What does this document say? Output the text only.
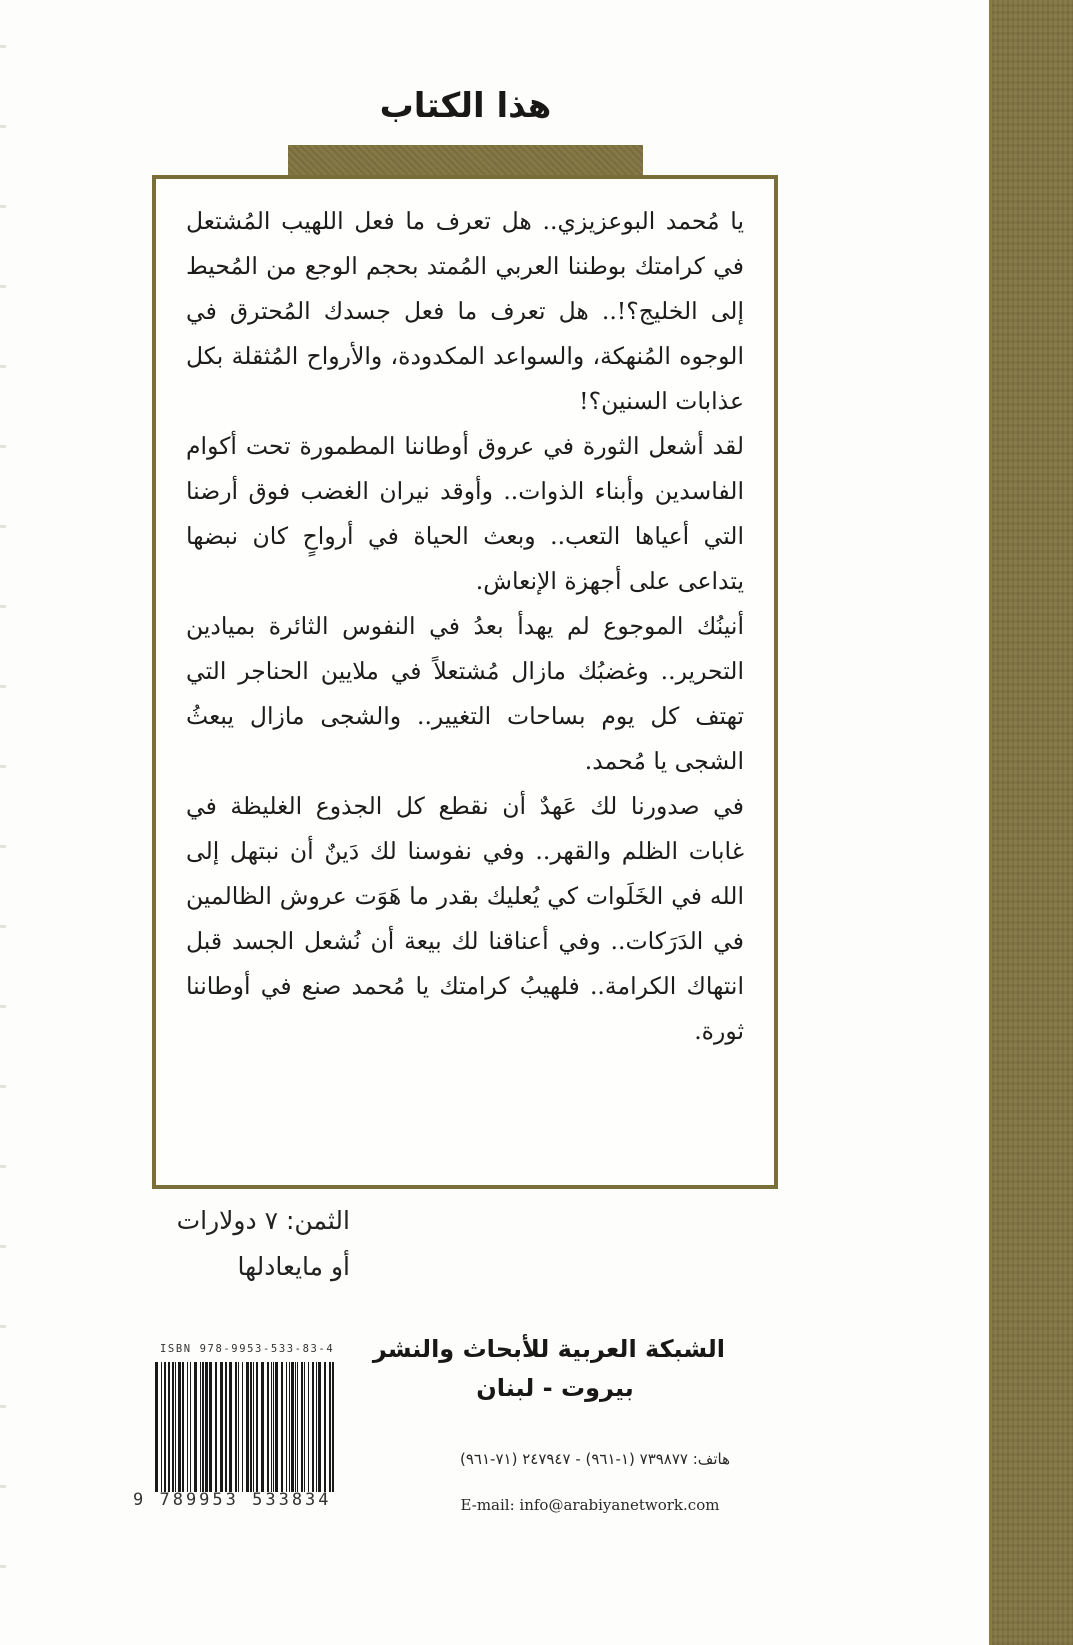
هذا الكتاب

يا مُحمد البوعزيزي.. هل تعرف ما فعل اللهيب المُشتعل في كرامتك بوطننا العربي المُمتد بحجم الوجع من المُحيط إلى الخليج؟!.. هل تعرف ما فعل جسدك المُحترق في الوجوه المُنهكة، والسواعد المكدودة، والأرواح المُثقلة بكل عذابات السنين؟!

لقد أشعل الثورة في عروق أوطاننا المطمورة تحت أكوام الفاسدين وأبناء الذوات.. وأوقد نيران الغضب فوق أرضنا التي أعياها التعب.. وبعث الحياة في أرواحٍ كان نبضها يتداعى على أجهزة الإنعاش.

أنينُك الموجوع لم يهدأ بعدُ في النفوس الثائرة بميادين التحرير.. وغضبُك مازال مُشتعلاً في ملايين الحناجر التي تهتف كل يوم بساحات التغيير.. والشجى مازال يبعثُ الشجى يا مُحمد.

في صدورنا لك عَهدٌ أن نقطع كل الجذوع الغليظة في غابات الظلم والقهر.. وفي نفوسنا لك دَينٌ أن نبتهل إلى الله في الخَلَوات كي يُعليك بقدر ما هَوَت عروش الظالمين في الدَرَكات.. وفي أعناقنا لك بيعة أن نُشعل الجسد قبل انتهاك الكرامة.. فلهيبُ كرامتك يا مُحمد صنع في أوطاننا ثورة.

الثمن: ٧ دولارات
أو مايعادلها
ISBN 978-9953-533-83-4
9 789953 533834
الشبكة العربية للأبحاث والنشر
بيروت - لبنان
هاتف: ٧٣٩٨٧٧ (١-٩٦١) - ٢٤٧٩٤٧ (٧١-٩٦١)
E-mail: info@arabiyanetwork.com
